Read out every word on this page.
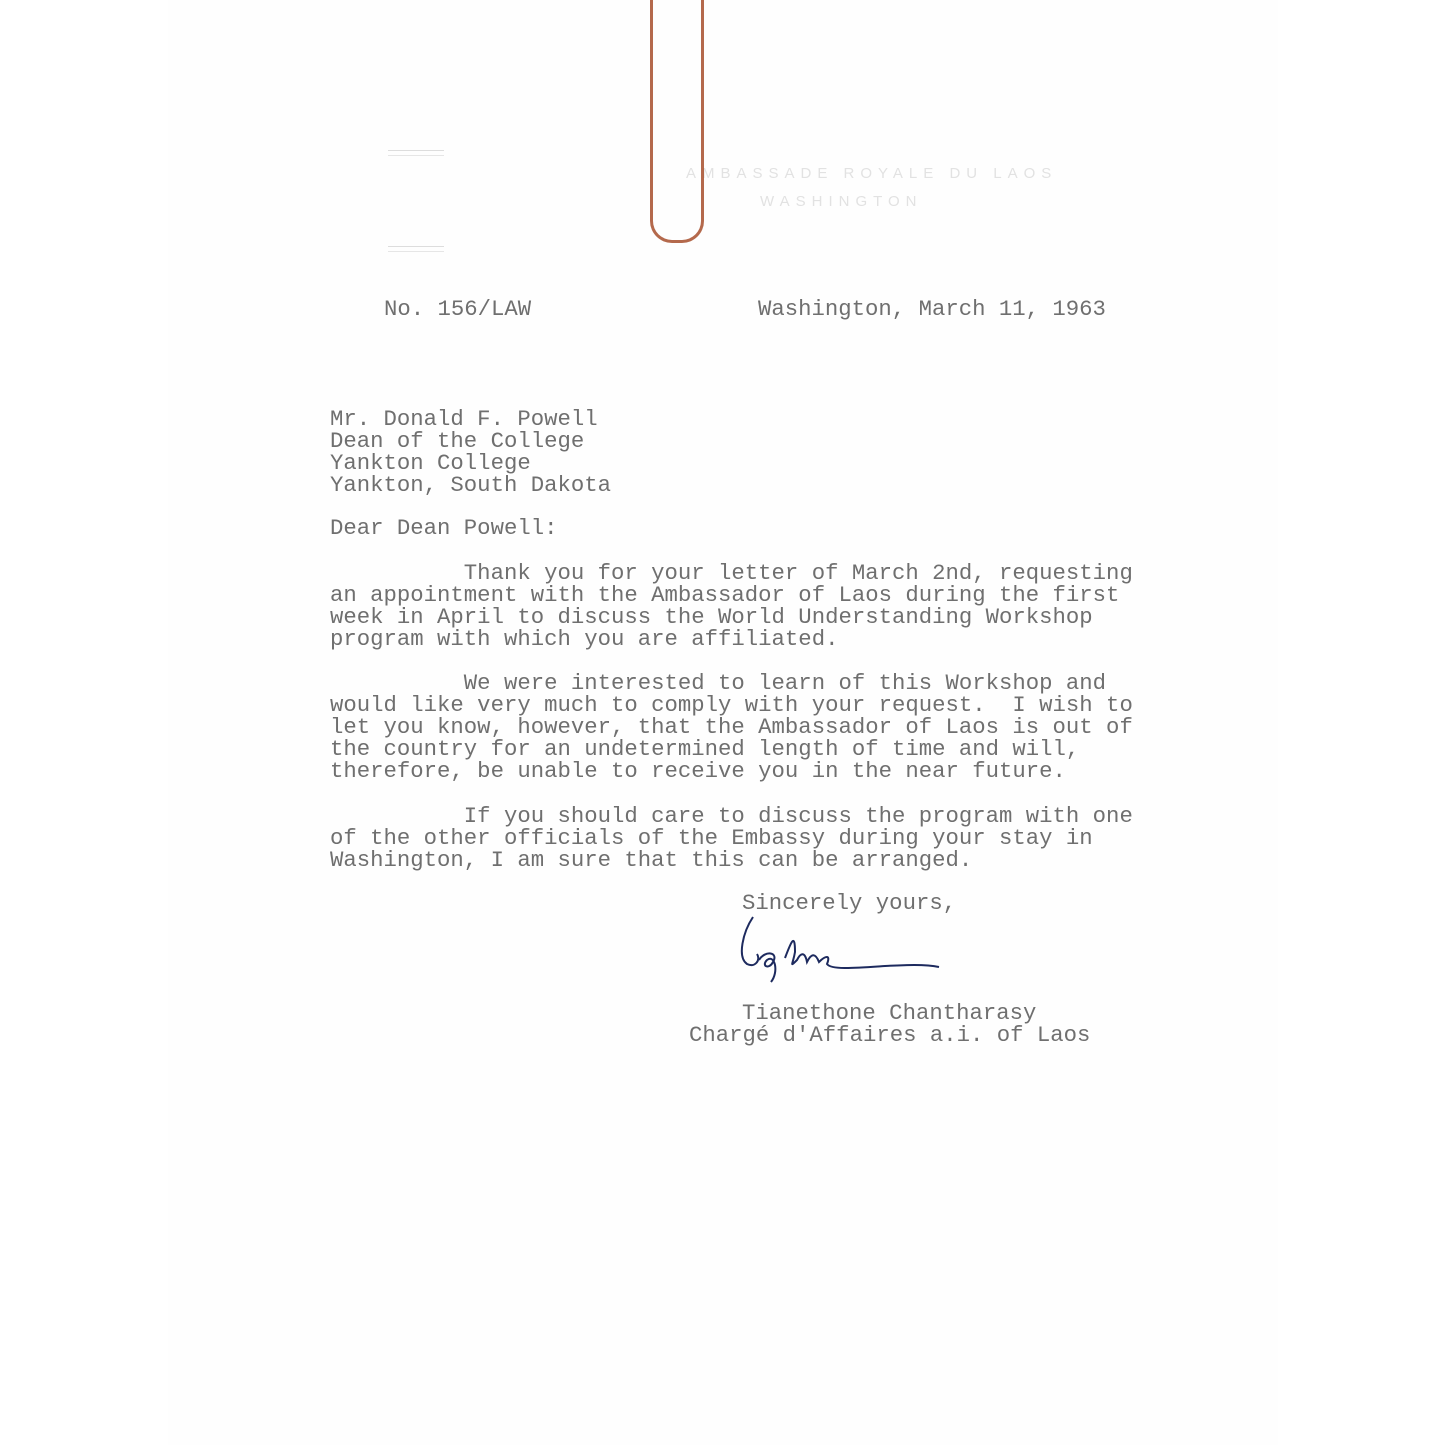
AMBASSADE ROYALE DU LAOS
WASHINGTON
No. 156/LAW	Washington, March 11, 1963
Mr. Donald F. Powell
Dean of the College
Yankton College
Yankton, South Dakota
Dear Dean Powell:
Thank you for your letter of March 2nd, requesting
an appointment with the Ambassador of Laos during the first
week in April to discuss the World Understanding Workshop
program with which you are affiliated.
We were interested to learn of this Workshop and
would like very much to comply with your request.  I wish to
let you know, however, that the Ambassador of Laos is out of
the country for an undetermined length of time and will,
therefore, be unable to receive you in the near future.
If you should care to discuss the program with one
of the other officials of the Embassy during your stay in
Washington, I am sure that this can be arranged.
Sincerely yours,
Tianethone Chantharasy
Chargé d'Affaires a.i. of Laos
